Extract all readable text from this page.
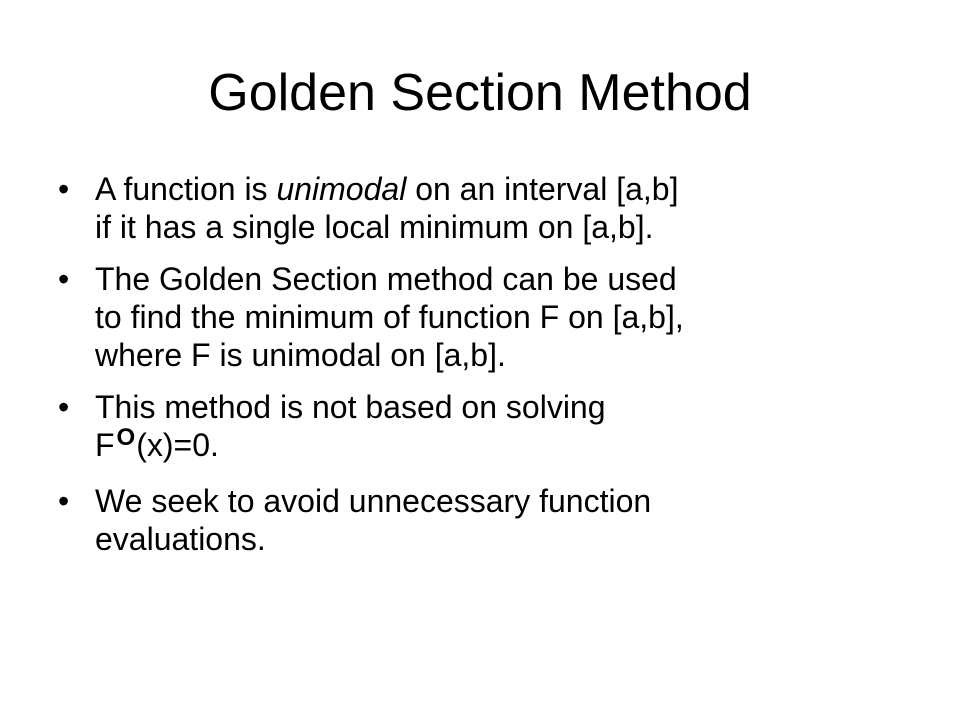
Golden Section Method
• A function is unimodal on an interval [a,b]
if it has a single local minimum on [a,b].
• The Golden Section method can be used
to find the minimum of function F on [a,b],
where F is unimodal on [a,b].
• This method is not based on solving
$F^O(x)=0$.
• We seek to avoid unnecessary function
evaluations.
